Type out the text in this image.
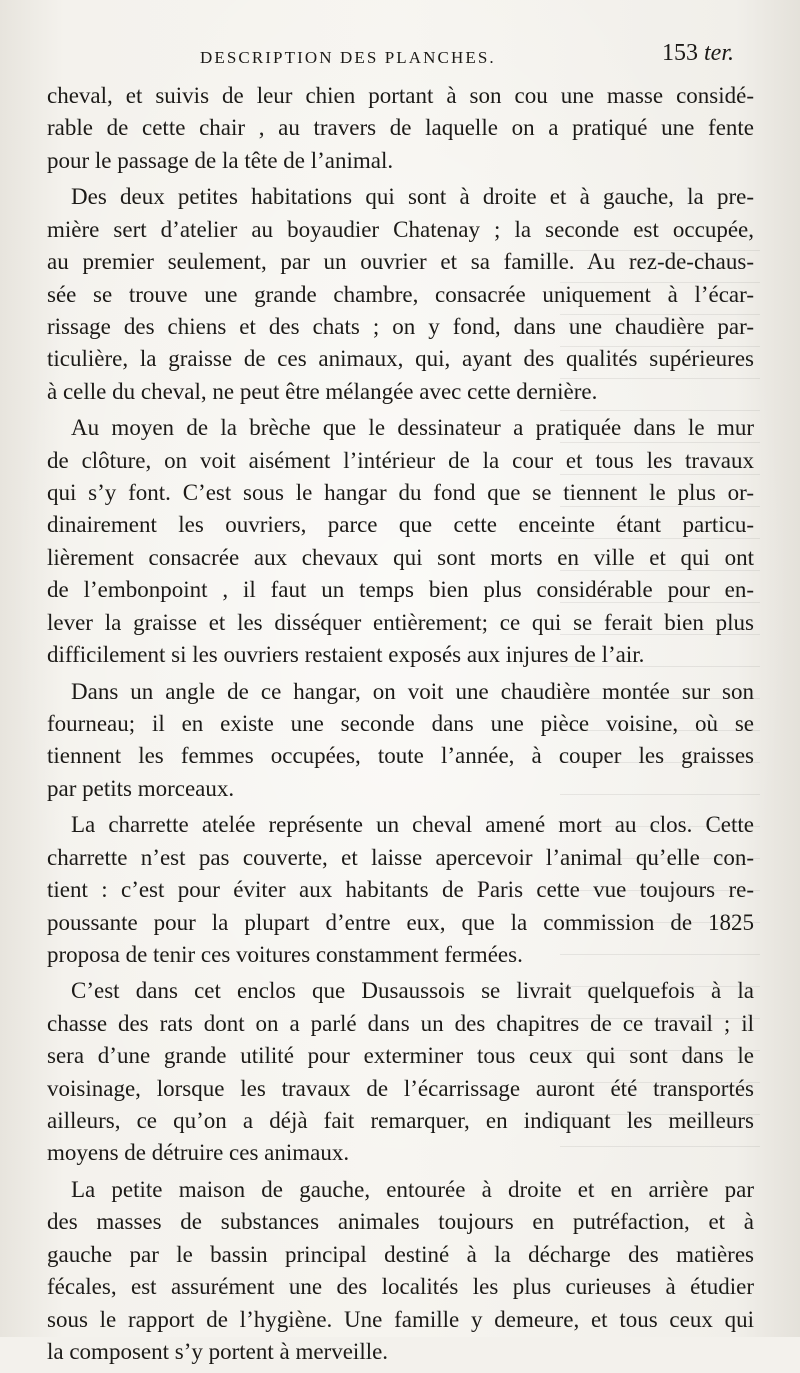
DESCRIPTION DES PLANCHES.	153 ter.
cheval, et suivis de leur chien portant à son cou une masse considé-
rable de cette chair , au travers de laquelle on a pratiqué une fente
pour le passage de la tête de l’animal.
Des deux petites habitations qui sont à droite et à gauche, la pre-
mière sert d’atelier au boyaudier Chatenay ; la seconde est occupée,
au premier seulement, par un ouvrier et sa famille. Au rez-de-chaus-
sée se trouve une grande chambre, consacrée uniquement à l’écar-
rissage des chiens et des chats ; on y fond, dans une chaudière par-
ticulière, la graisse de ces animaux, qui, ayant des qualités supérieures
à celle du cheval, ne peut être mélangée avec cette dernière.
Au moyen de la brèche que le dessinateur a pratiquée dans le mur
de clôture, on voit aisément l’intérieur de la cour et tous les travaux
qui s’y font. C’est sous le hangar du fond que se tiennent le plus or-
dinairement les ouvriers, parce que cette enceinte étant particu-
lièrement consacrée aux chevaux qui sont morts en ville et qui ont
de l’embonpoint , il faut un temps bien plus considérable pour en-
lever la graisse et les disséquer entièrement; ce qui se ferait bien plus
difficilement si les ouvriers restaient exposés aux injures de l’air.
Dans un angle de ce hangar, on voit une chaudière montée sur son
fourneau; il en existe une seconde dans une pièce voisine, où se
tiennent les femmes occupées, toute l’année, à couper les graisses
par petits morceaux.
La charrette atelée représente un cheval amené mort au clos. Cette
charrette n’est pas couverte, et laisse apercevoir l’animal qu’elle con-
tient : c’est pour éviter aux habitants de Paris cette vue toujours re-
poussante pour la plupart d’entre eux, que la commission de 1825
proposa de tenir ces voitures constamment fermées.
C’est dans cet enclos que Dusaussois se livrait quelquefois à la
chasse des rats dont on a parlé dans un des chapitres de ce travail ; il
sera d’une grande utilité pour exterminer tous ceux qui sont dans le
voisinage, lorsque les travaux de l’écarrissage auront été transportés
ailleurs, ce qu’on a déjà fait remarquer, en indiquant les meilleurs
moyens de détruire ces animaux.
La petite maison de gauche, entourée à droite et en arrière par
des masses de substances animales toujours en putréfaction, et à
gauche par le bassin principal destiné à la décharge des matières
fécales, est assurément une des localités les plus curieuses à étudier
sous le rapport de l’hygiène. Une famille y demeure, et tous ceux qui
la composent s’y portent à merveille.
